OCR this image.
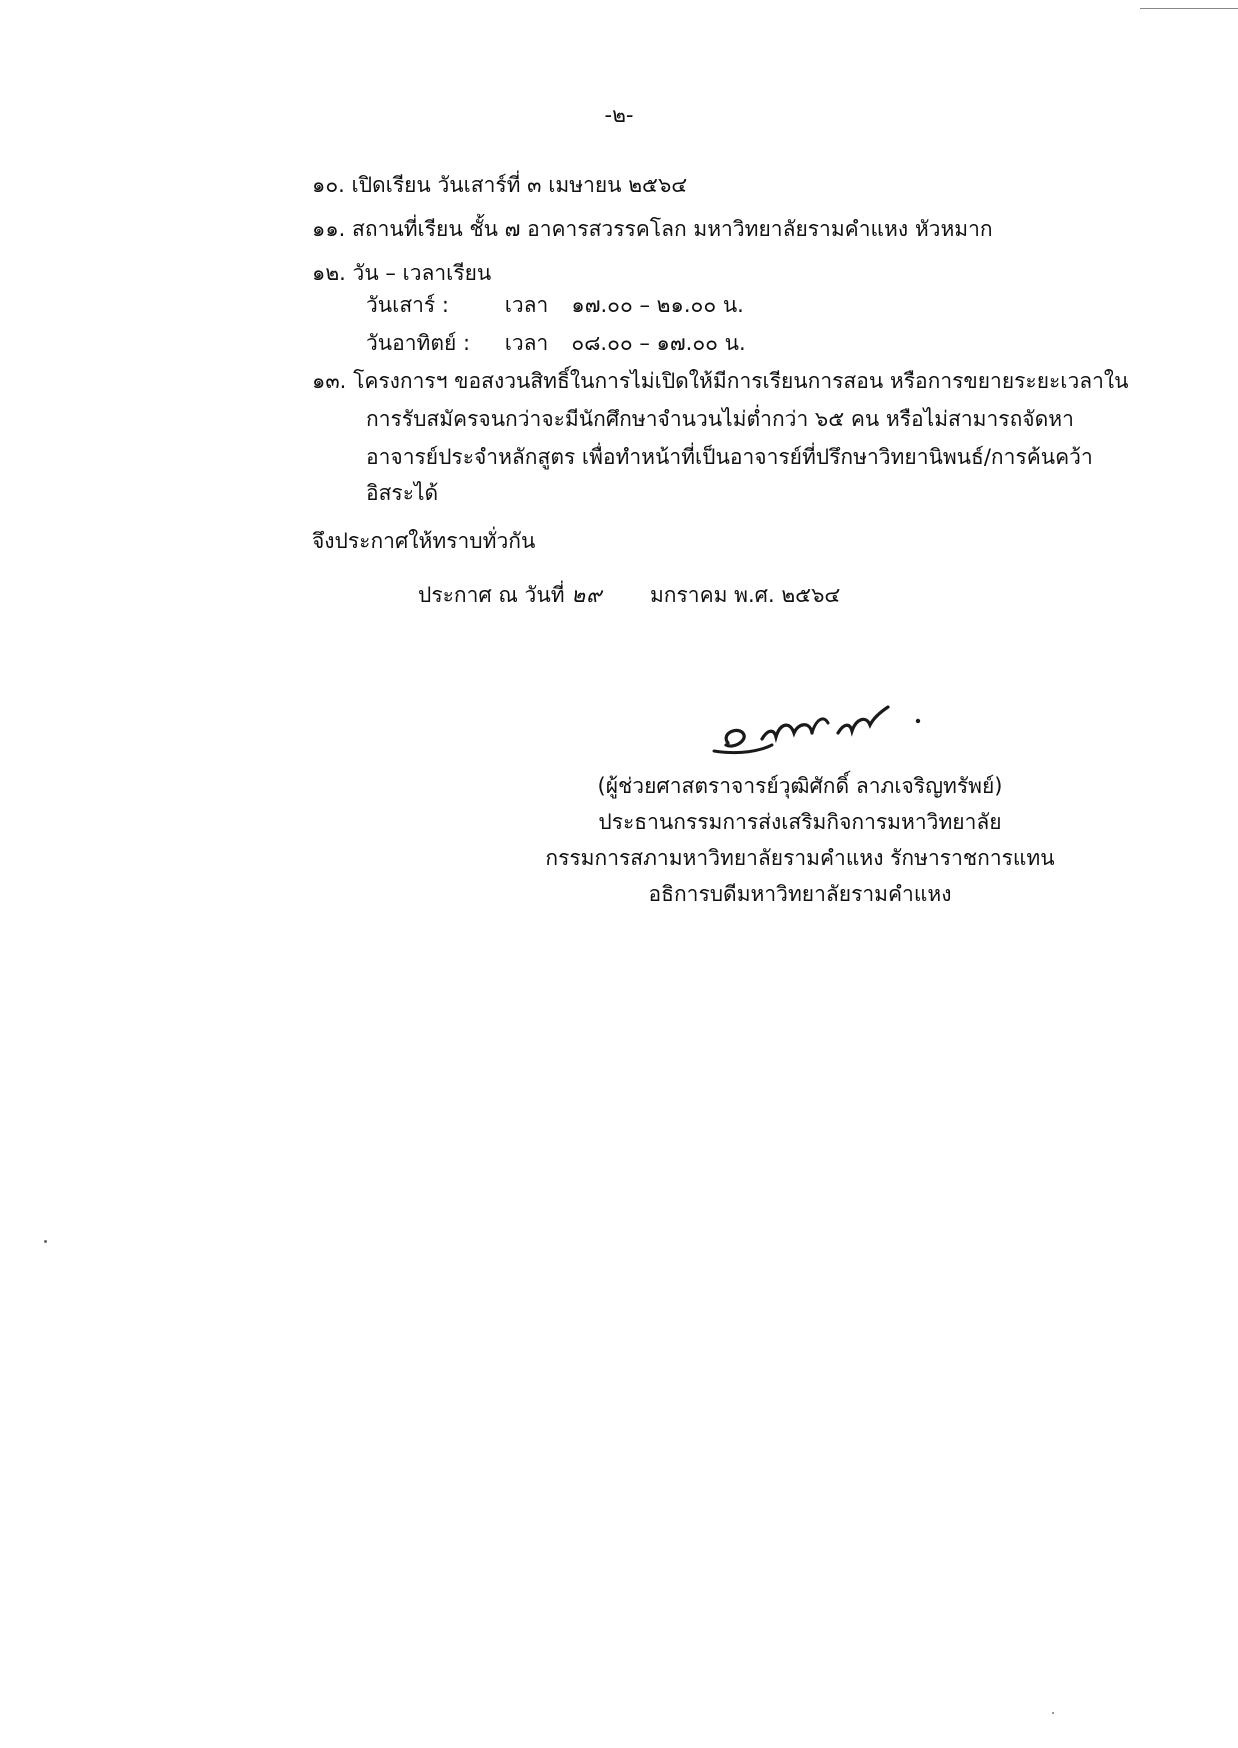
-๒-
๑๐. เปิดเรียน วันเสาร์ที่ ๓ เมษายน ๒๕๖๔
๑๑. สถานที่เรียน ชั้น ๗ อาคารสวรรคโลก มหาวิทยาลัยรามคำแหง หัวหมาก
๑๒. วัน – เวลาเรียน
วันเสาร์ :	เวลา ๑๗.๐๐ – ๒๑.๐๐ น.
วันอาทิตย์ : เวลา ๐๘.๐๐ – ๑๗.๐๐ น.
๑๓. โครงการฯ ขอสงวนสิทธิ์ในการไม่เปิดให้มีการเรียนการสอน หรือการขยายระยะเวลาใน
การรับสมัครจนกว่าจะมีนักศึกษาจำนวนไม่ต่ำกว่า ๖๕ คน หรือไม่สามารถจัดหา
อาจารย์ประจำหลักสูตร เพื่อทำหน้าที่เป็นอาจารย์ที่ปรึกษาวิทยานิพนธ์/การค้นคว้า
อิสระได้
จึงประกาศให้ทราบทั่วกัน
ประกาศ ณ วันที่ ๒๙ มกราคม พ.ศ. ๒๕๖๔
(ผู้ช่วยศาสตราจารย์วุฒิศักดิ์ ลาภเจริญทรัพย์)
ประธานกรรมการส่งเสริมกิจการมหาวิทยาลัย
กรรมการสภามหาวิทยาลัยรามคำแหง รักษาราชการแทน
อธิการบดีมหาวิทยาลัยรามคำแหง
